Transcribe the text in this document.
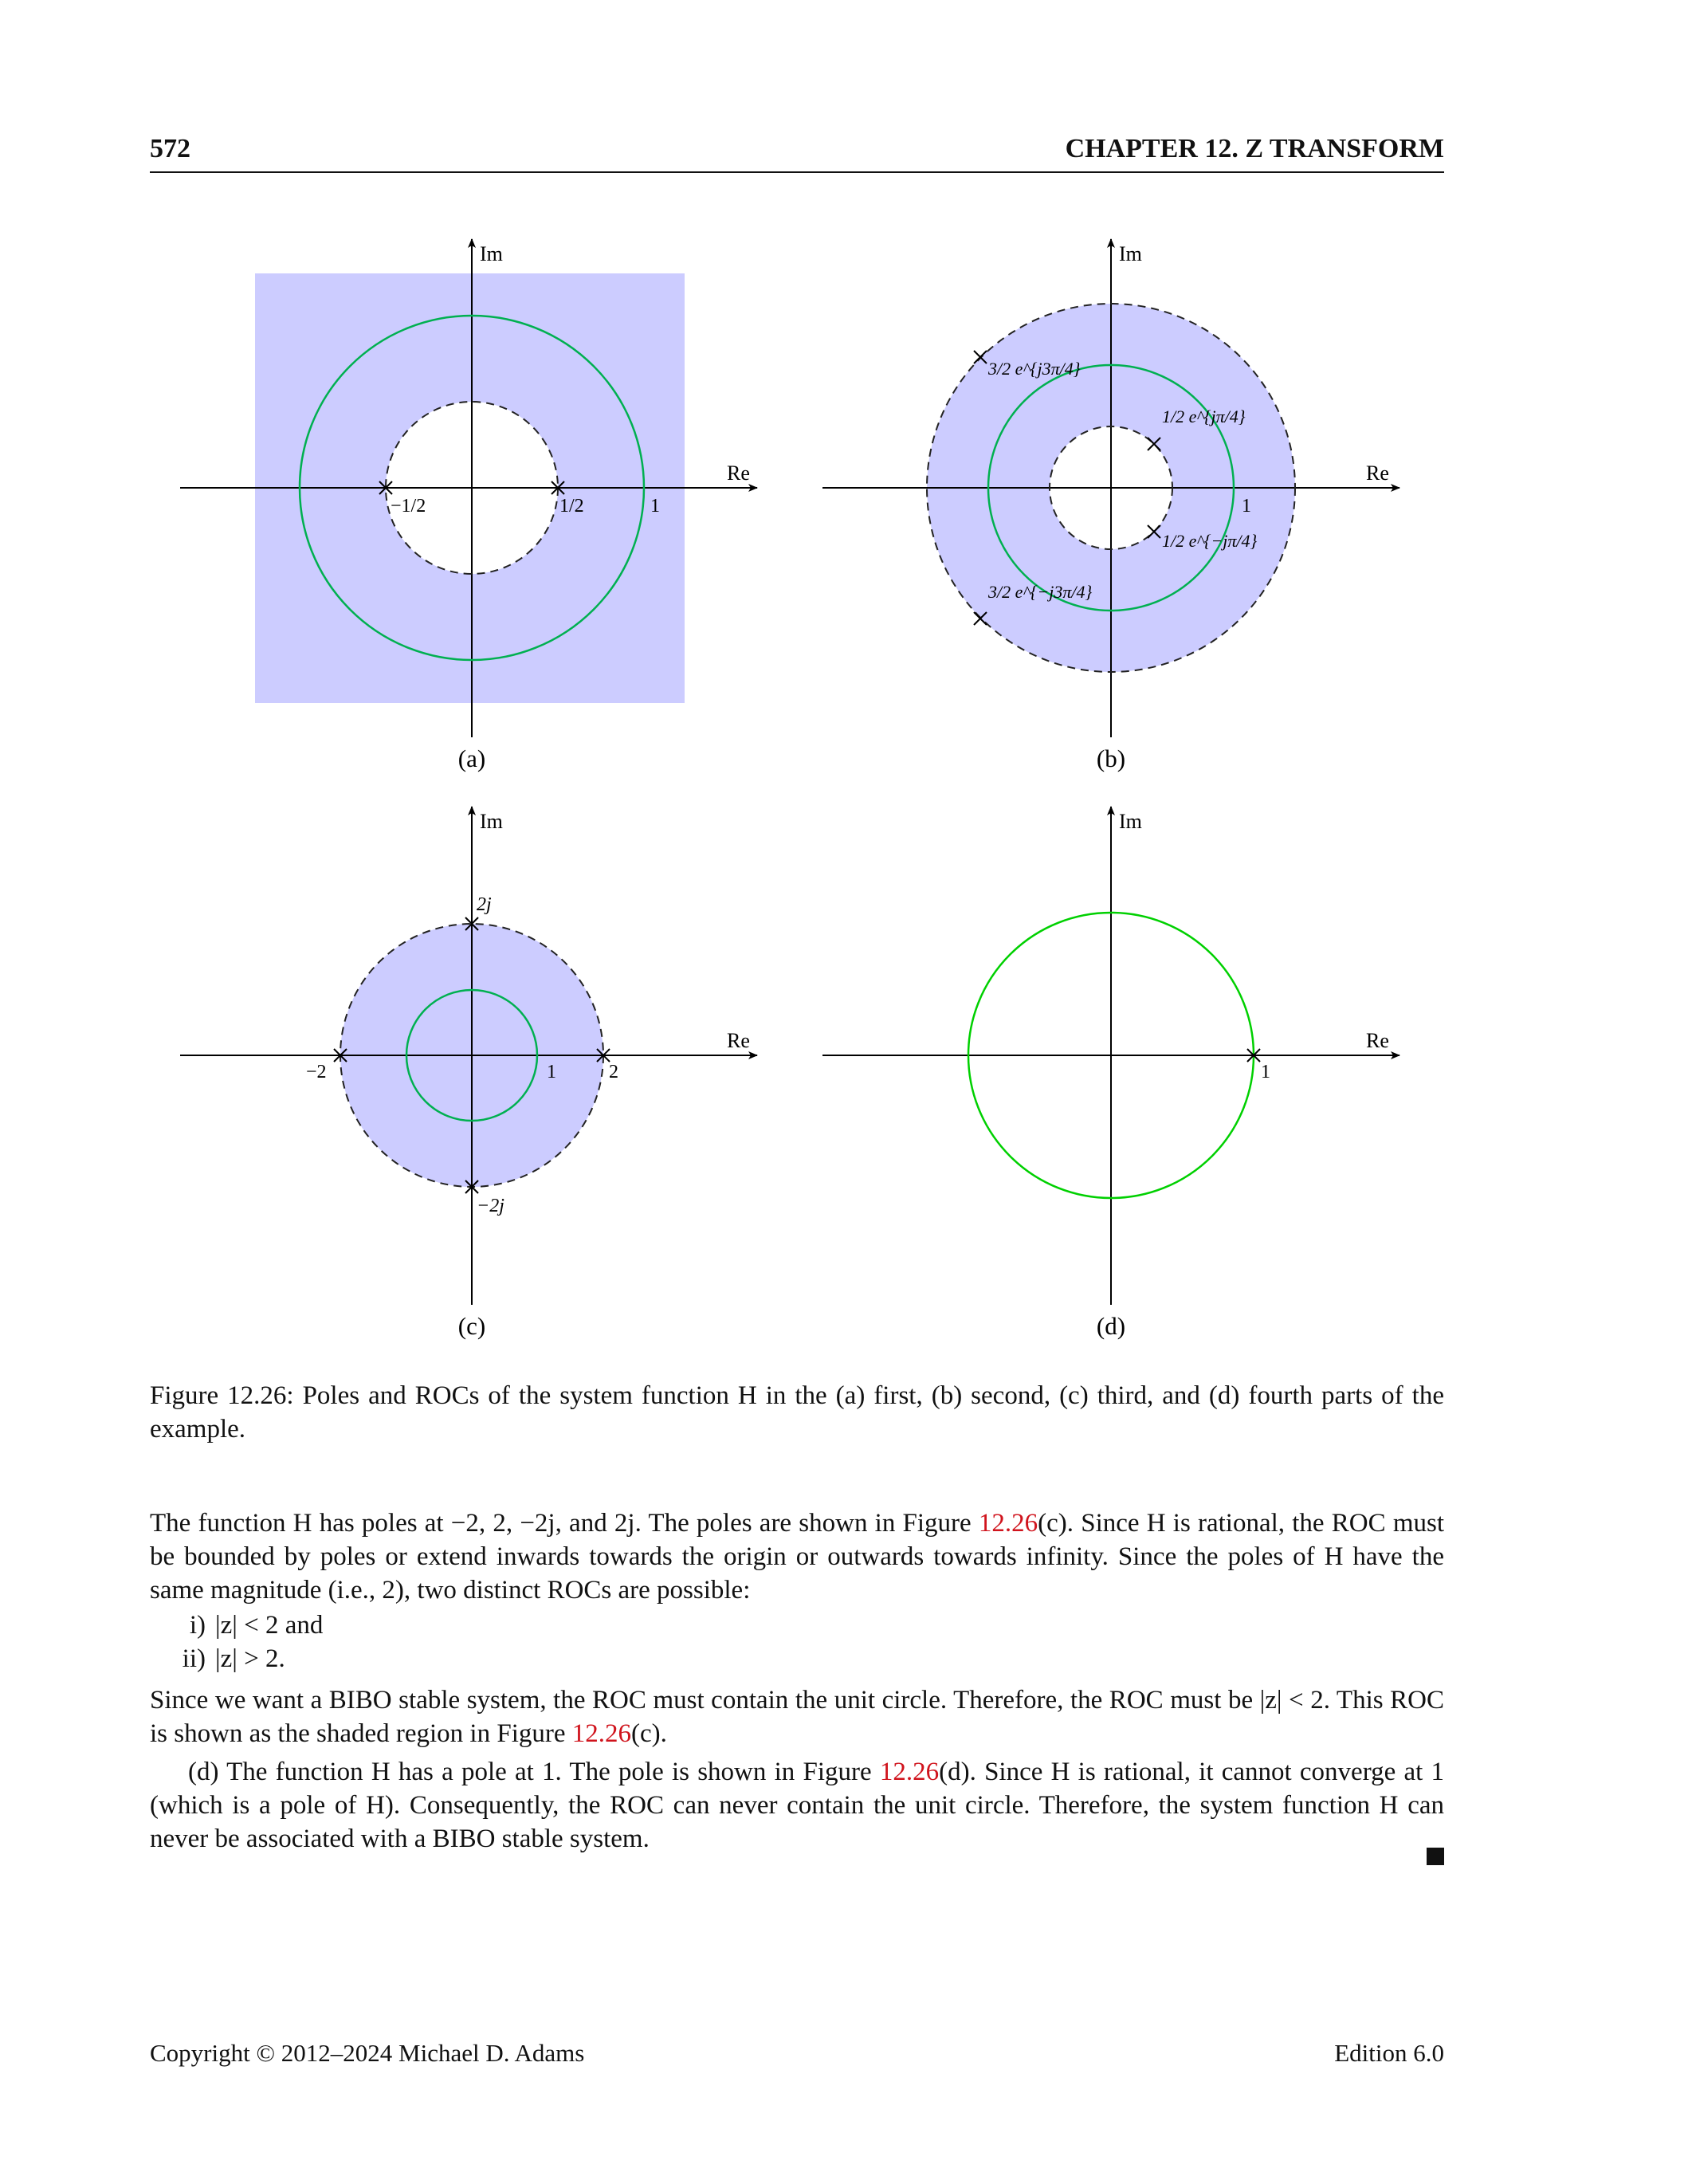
572	CHAPTER 12. Z TRANSFORM
Re
Im
−1/2	1/2	1
(a)
Re
Im
1
3/2 e^{j3π/4}
1/2 e^{jπ/4}
1/2 e^{−jπ/4}
3/2 e^{−j3π/4}
(b)
Re
Im
−2	1	2
2j
−2j
(c)
Re
Im
1
(d)
Figure 12.26: Poles and ROCs of the system function H in the (a) first, (b) second, (c) third, and (d) fourth parts of the example.
The function H has poles at −2, 2, −2j, and 2j. The poles are shown in Figure 12.26(c). Since H is rational, the ROC must be bounded by poles or extend inwards towards the origin or outwards towards infinity. Since the poles of H have the same magnitude (i.e., 2), two distinct ROCs are possible:
i) |z| < 2 and
ii) |z| > 2.
Since we want a BIBO stable system, the ROC must contain the unit circle. Therefore, the ROC must be |z| < 2. This ROC is shown as the shaded region in Figure 12.26(c).
(d) The function H has a pole at 1. The pole is shown in Figure 12.26(d). Since H is rational, it cannot converge at 1 (which is a pole of H). Consequently, the ROC can never contain the unit circle. Therefore, the system function H can never be associated with a BIBO stable system.
Copyright © 2012–2024 Michael D. Adams	Edition 6.0
